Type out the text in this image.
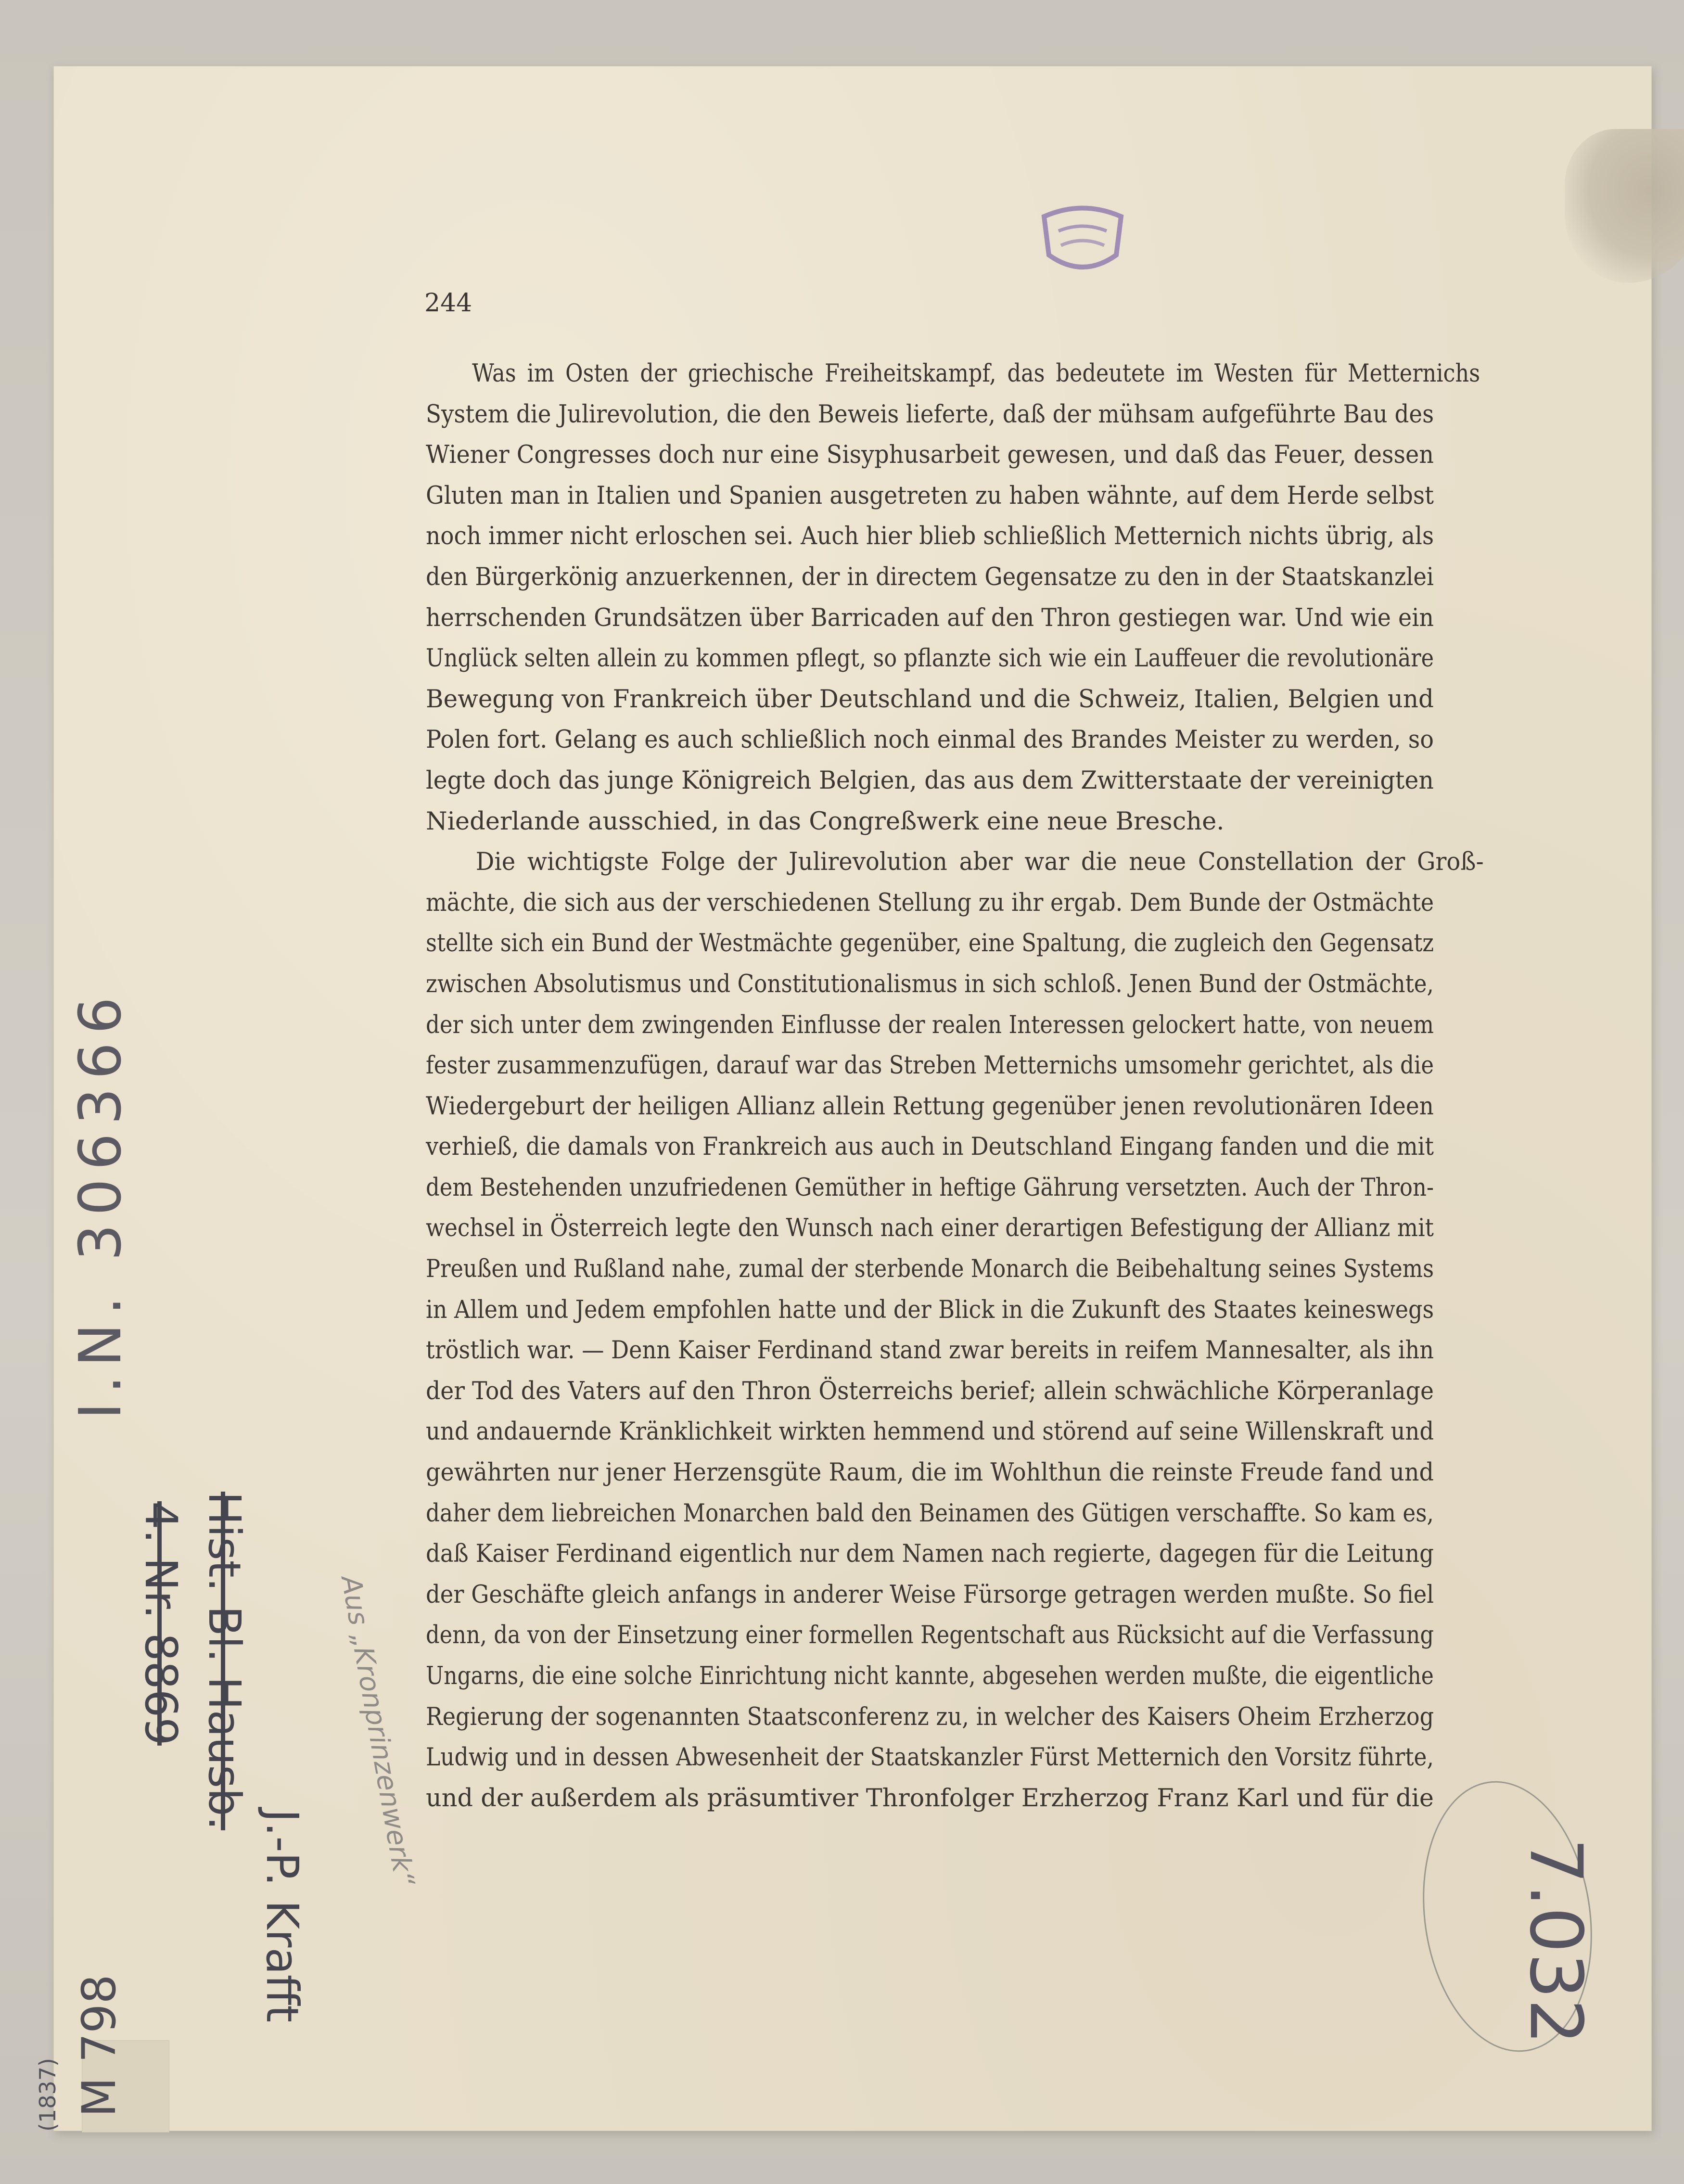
244

Was im Osten der griechische Freiheitskampf, das bedeutete im Westen für Metternichs
System die Julirevolution, die den Beweis lieferte, daß der mühsam aufgeführte Bau des
Wiener Congresses doch nur eine Sisyphusarbeit gewesen, und daß das Feuer, dessen
Gluten man in Italien und Spanien ausgetreten zu haben wähnte, auf dem Herde selbst
noch immer nicht erloschen sei. Auch hier blieb schließlich Metternich nichts übrig, als
den Bürgerkönig anzuerkennen, der in directem Gegensatze zu den in der Staatskanzlei
herrschenden Grundsätzen über Barricaden auf den Thron gestiegen war. Und wie ein
Unglück selten allein zu kommen pflegt, so pflanzte sich wie ein Lauffeuer die revolutionäre
Bewegung von Frankreich über Deutschland und die Schweiz, Italien, Belgien und
Polen fort. Gelang es auch schließlich noch einmal des Brandes Meister zu werden, so
legte doch das junge Königreich Belgien, das aus dem Zwitterstaate der vereinigten
Niederlande ausschied, in das Congreßwerk eine neue Bresche.
Die wichtigste Folge der Julirevolution aber war die neue Constellation der Groß-
mächte, die sich aus der verschiedenen Stellung zu ihr ergab. Dem Bunde der Ostmächte
stellte sich ein Bund der Westmächte gegenüber, eine Spaltung, die zugleich den Gegensatz
zwischen Absolutismus und Constitutionalismus in sich schloß. Jenen Bund der Ostmächte,
der sich unter dem zwingenden Einflusse der realen Interessen gelockert hatte, von neuem
fester zusammenzufügen, darauf war das Streben Metternichs umsomehr gerichtet, als die
Wiedergeburt der heiligen Allianz allein Rettung gegenüber jenen revolutionären Ideen
verhieß, die damals von Frankreich aus auch in Deutschland Eingang fanden und die mit
dem Bestehenden unzufriedenen Gemüther in heftige Gährung versetzten. Auch der Thron-
wechsel in Österreich legte den Wunsch nach einer derartigen Befestigung der Allianz mit
Preußen und Rußland nahe, zumal der sterbende Monarch die Beibehaltung seines Systems
in Allem und Jedem empfohlen hatte und der Blick in die Zukunft des Staates keineswegs
tröstlich war. — Denn Kaiser Ferdinand stand zwar bereits in reifem Mannesalter, als ihn
der Tod des Vaters auf den Thron Österreichs berief; allein schwächliche Körperanlage
und andauernde Kränklichkeit wirkten hemmend und störend auf seine Willenskraft und
gewährten nur jener Herzensgüte Raum, die im Wohlthun die reinste Freude fand und
daher dem liebreichen Monarchen bald den Beinamen des Gütigen verschaffte. So kam es,
daß Kaiser Ferdinand eigentlich nur dem Namen nach regierte, dagegen für die Leitung
der Geschäfte gleich anfangs in anderer Weise Fürsorge getragen werden mußte. So fiel
denn, da von der Einsetzung einer formellen Regentschaft aus Rücksicht auf die Verfassung
Ungarns, die eine solche Einrichtung nicht kannte, abgesehen werden mußte, die eigentliche
Regierung der sogenannten Staatsconferenz zu, in welcher des Kaisers Oheim Erzherzog
Ludwig und in dessen Abwesenheit der Staatskanzler Fürst Metternich den Vorsitz führte,
und der außerdem als präsumtiver Thronfolger Erzherzog Franz Karl und für die
I.N. 306366
M 798
(1837)
Aus „Kronprinzenwerk“
Hist. Bl. Hausb.
4. Nr. 8869
J.-P. Krafft	7.032
